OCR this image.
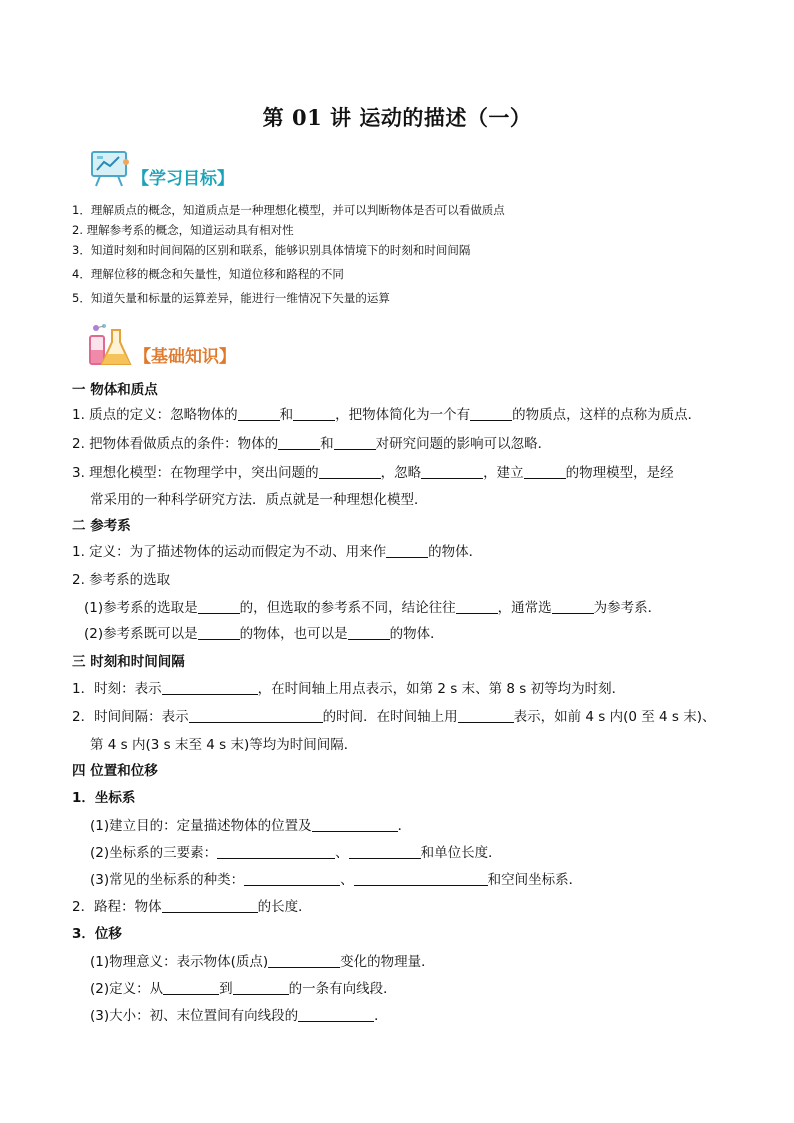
第 01 讲 运动的描述（一）
【学习目标】
1．理解质点的概念，知道质点是一种理想化模型，并可以判断物体是否可以看做质点
2. 理解参考系的概念，知道运动具有相对性
3．知道时刻和时间间隔的区别和联系，能够识别具体情境下的时刻和时间间隔
4．理解位移的概念和矢量性，知道位移和路程的不同
5．知道矢量和标量的运算差异，能进行一维情况下矢量的运算
【基础知识】
一 物体和质点
1. 质点的定义：忽略物体的	和	，把物体简化为一个有	的物质点，这样的点称为质点．
2. 把物体看做质点的条件：物体的	和	对研究问题的影响可以忽略．
3. 理想化模型：在物理学中，突出问题的	，忽略	，建立	的物理模型，是经
常采用的一种科学研究方法．质点就是一种理想化模型．
二 参考系
1. 定义：为了描述物体的运动而假定为不动、用来作	的物体．
2. 参考系的选取
(1)参考系的选取是	的，但选取的参考系不同，结论往往	，通常选	为参考系．
(2)参考系既可以是	的物体，也可以是	的物体．
三 时刻和时间间隔
1．时刻：表示	，在时间轴上用点表示，如第 2 s 末、第 8 s 初等均为时刻．
2．时间间隔：表示	的时间．在时间轴上用	表示，如前 4 s 内(0 至 4 s 末)、
第 4 s 内(3 s 末至 4 s 末)等均为时间间隔．
四 位置和位移
1．坐标系
(1)建立目的：定量描述物体的位置及	．
(2)坐标系的三要素：	、	和单位长度．
(3)常见的坐标系的种类：	、	和空间坐标系．
2．路程：物体	的长度．
3．位移
(1)物理意义：表示物体(质点)	变化的物理量．
(2)定义：从	到	的一条有向线段．
(3)大小：初、末位置间有向线段的	．
